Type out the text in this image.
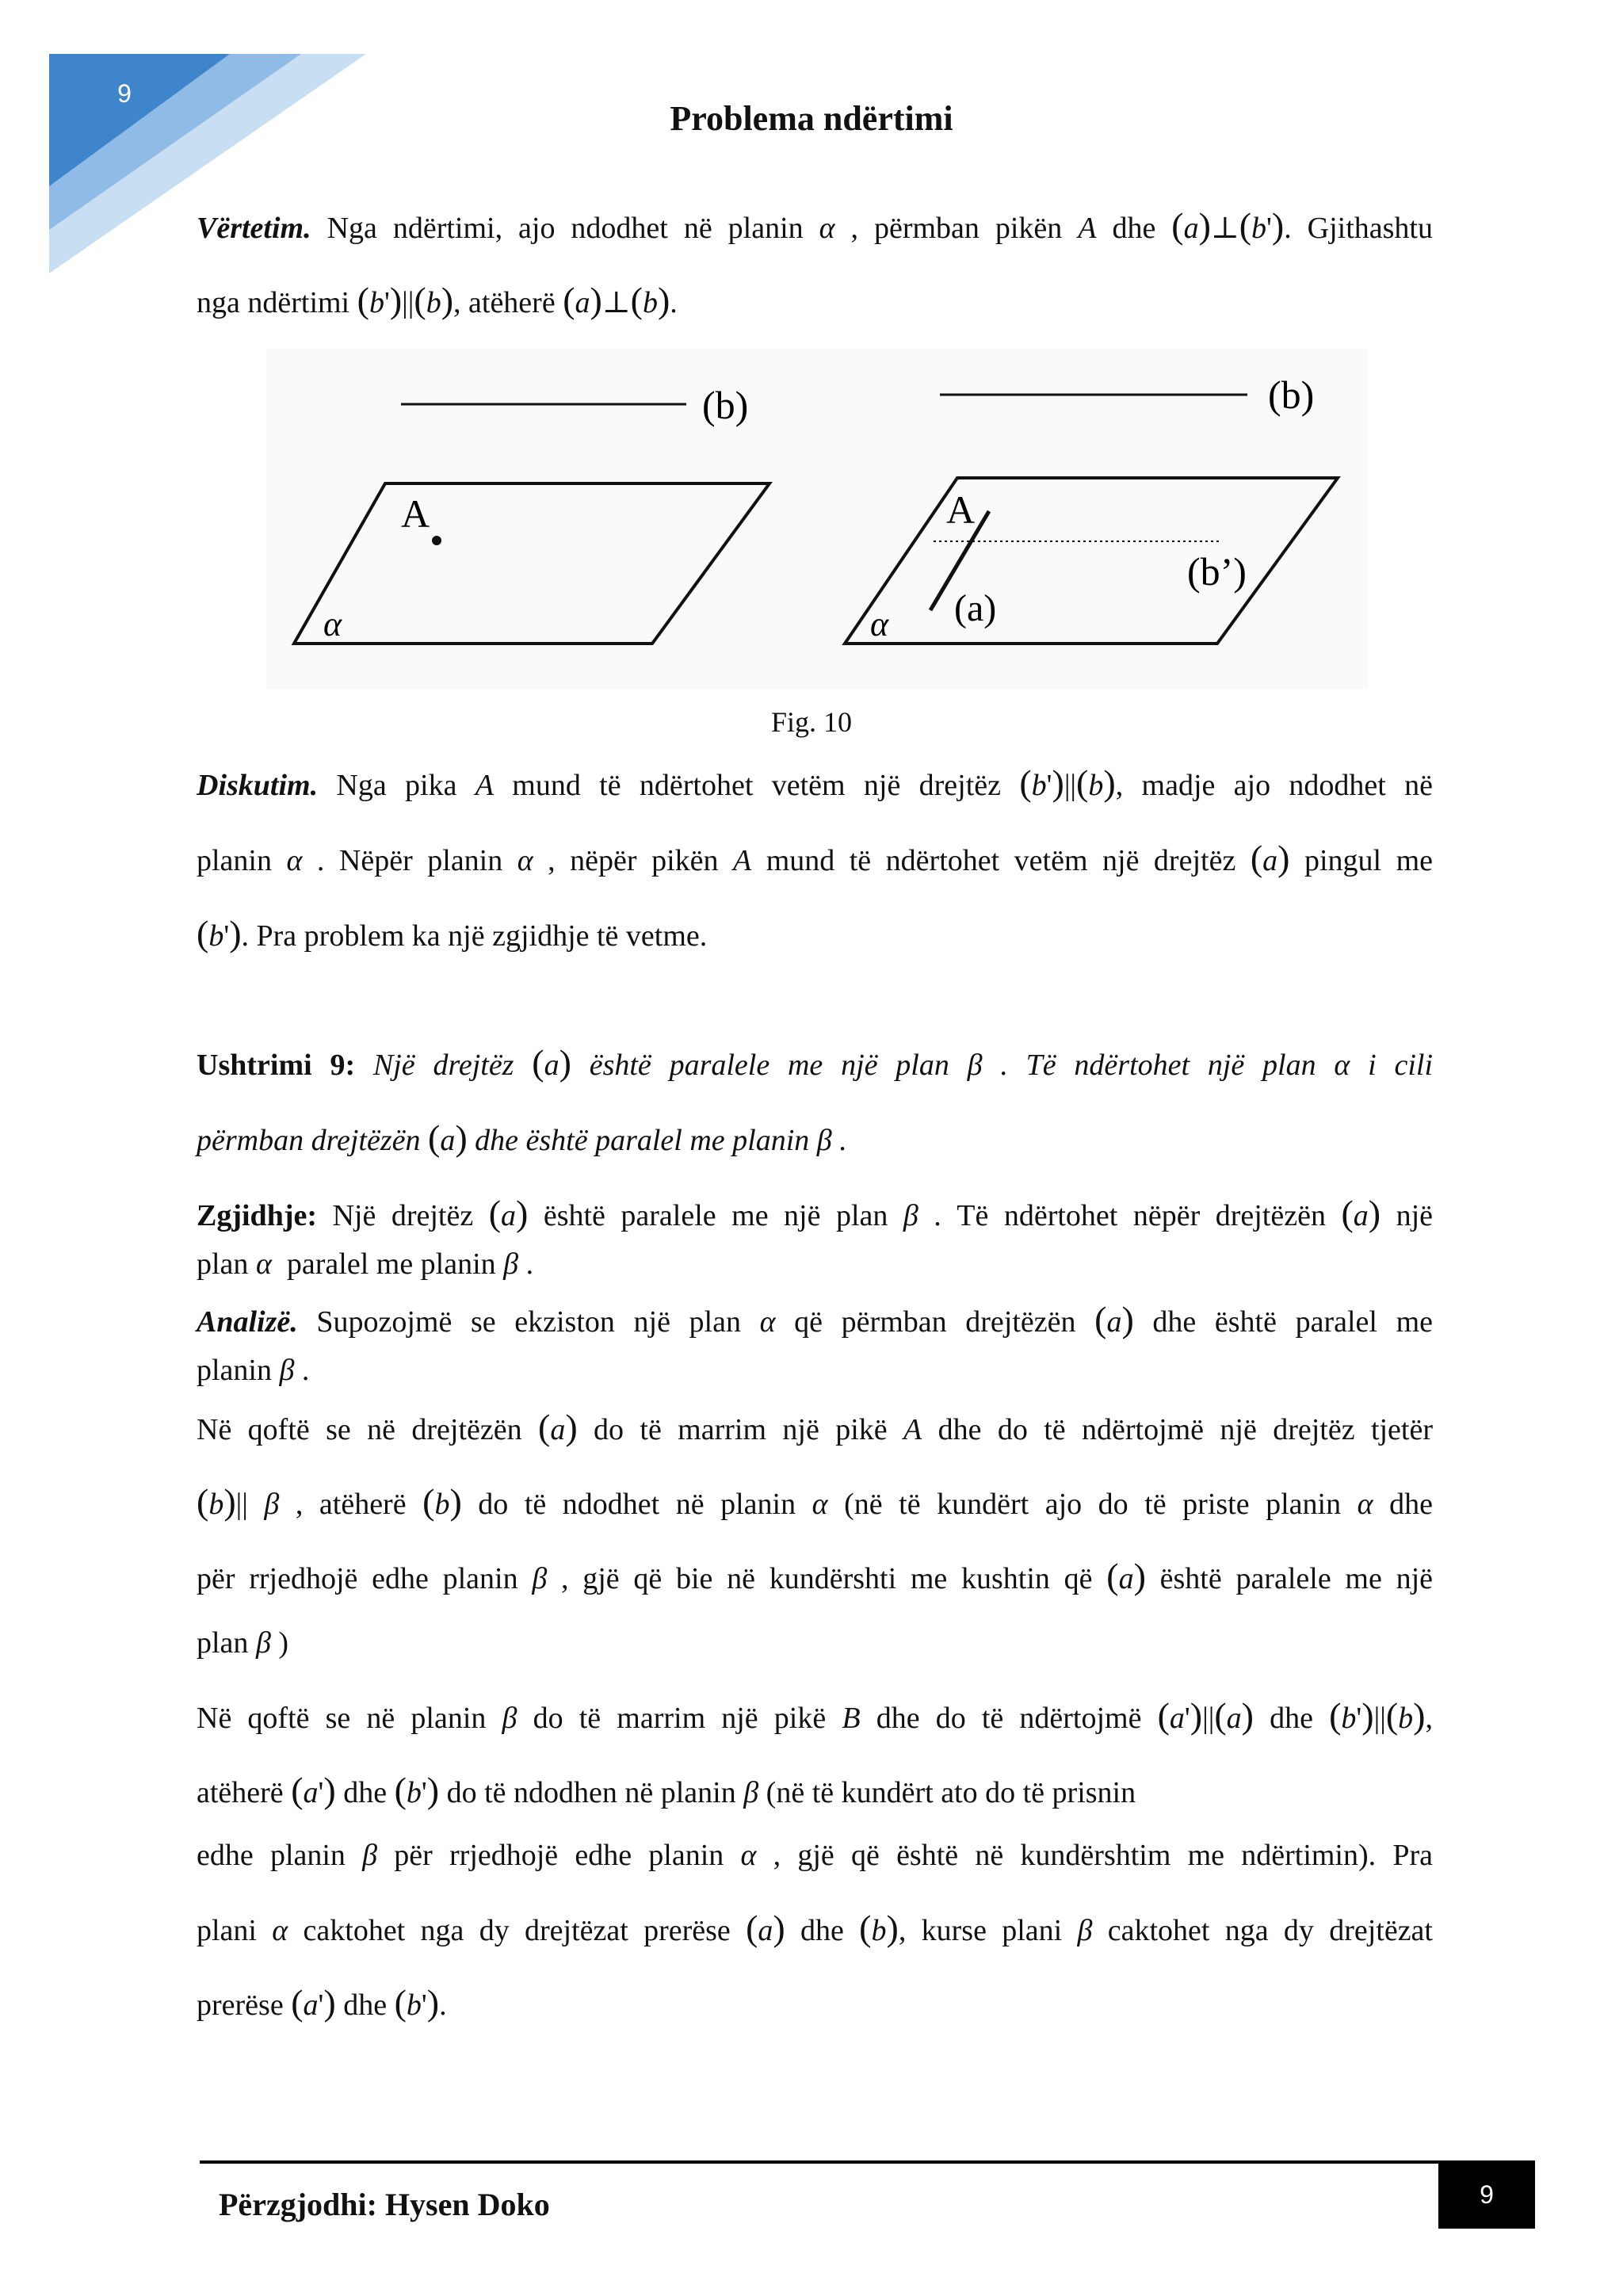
9
Problema ndërtimi
Vërtetim. Nga ndërtimi, ajo ndodhet në planin α , përmban pikën A dhe (a)⊥(b'). Gjithashtu
nga ndërtimi (b')||(b), atëherë (a)⊥(b).
(b)
A
α
(b)
A
α (a)
(b’)
Fig. 10
Diskutim. Nga pika A mund të ndërtohet vetëm një drejtëz (b')||(b), madje ajo ndodhet në
planin α . Nëpër planin α , nëpër pikën A mund të ndërtohet vetëm një drejtëz (a) pingul me
(b'). Pra problem ka një zgjidhje të vetme.
Ushtrimi 9: Një drejtëz (a) është paralele me një plan β . Të ndërtohet një plan α i cili
përmban drejtëzën (a) dhe është paralel me planin β .
Zgjidhje: Një drejtëz (a) është paralele me një plan β . Të ndërtohet nëpër drejtëzën (a) një
plan α  paralel me planin β .
Analizë. Supozojmë se ekziston një plan α që përmban drejtëzën (a) dhe është paralel me
planin β .
Në qoftë se në drejtëzën (a) do të marrim një pikë A dhe do të ndërtojmë një drejtëz tjetër
(b)|| β , atëherë (b) do të ndodhet në planin α (në të kundërt ajo do të priste planin α dhe
për rrjedhojë edhe planin β , gjë që bie në kundërshti me kushtin që (a) është paralele me një
plan β )
Në qoftë se në planin β do të marrim një pikë B dhe do të ndërtojmë (a')||(a) dhe (b')||(b),
atëherë (a') dhe (b') do të ndodhen në planin β (në të kundërt ato do të prisnin
edhe planin β për rrjedhojë edhe planin α , gjë që është në kundërshtim me ndërtimin). Pra
plani α caktohet nga dy drejtëzat prerëse (a) dhe (b), kurse plani β caktohet nga dy drejtëzat
prerëse (a') dhe (b').
Përzgjodhi: Hysen Doko	9
